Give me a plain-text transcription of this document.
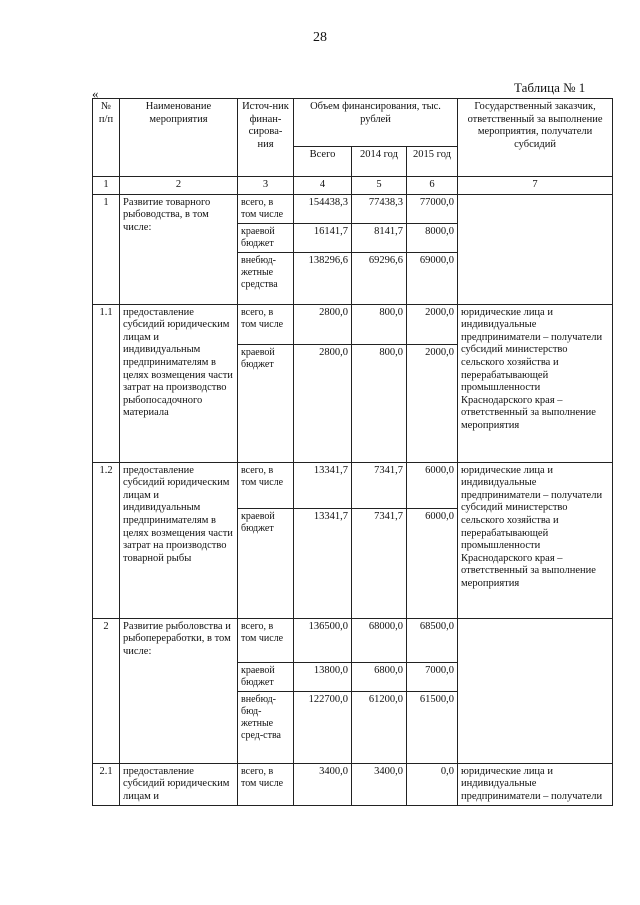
28
«	Таблица № 1
№ п/п	Наименование мероприятия	Источ-ник финан-сирова-ния	Объем финансирования, тыс. рублей			Государственный заказчик, ответственный за выполнение мероприятия, получатели субсидий
			Всего	2014 год	2015 год	
1	2	3	4	5	6	7
1	Развитие товарного рыбоводства, в том числе:	всего, в том числе	154438,3	77438,3	77000,0	
		краевой бюджет	16141,7	8141,7	8000,0	
		внебюд-жетные средства	138296,6	69296,6	69000,0	
1.1	предоставление субсидий юридическим лицам и индивидуальным предпринимателям в целях возмещения части затрат на производство рыбопосадочного материала	всего, в том числе	2800,0	800,0	2000,0	юридические лица и индивидуальные предприниматели – получатели субсидий министерство сельского хозяйства и перерабатывающей промышленности Краснодарского края – ответственный за выполнение мероприятия
		краевой бюджет	2800,0	800,0	2000,0	
1.2	предоставление субсидий юридическим лицам и индивидуальным предпринимателям в целях возмещения части затрат на производство товарной рыбы	всего, в том числе	13341,7	7341,7	6000,0	юридические лица и индивидуальные предприниматели – получатели субсидий министерство сельского хозяйства и перерабатывающей промышленности Краснодарского края – ответственный за выполнение мероприятия
		краевой бюджет	13341,7	7341,7	6000,0	
2	Развитие рыболовства и рыбопереработки, в том числе:	всего, в том числе	136500,0	68000,0	68500,0	
		краевой бюджет	13800,0	6800,0	7000,0	
		внебюд-бюд-жетные сред-ства	122700,0	61200,0	61500,0	
2.1	предоставление субсидий юридическим лицам и	всего, в том числе	3400,0	3400,0	0,0	юридические лица и индивидуальные предприниматели – получатели
